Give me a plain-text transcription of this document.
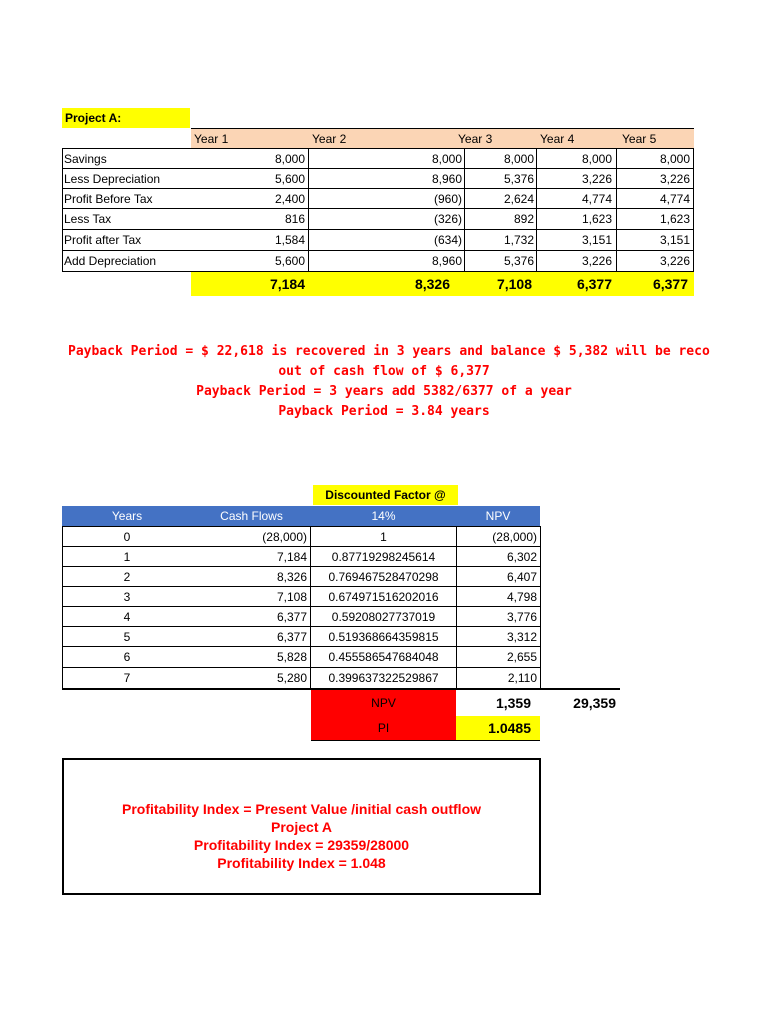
Project A:
Year 1	Year 2	Year 3	Year 4	Year 5
Savings	8,000	8,000	8,000	8,000	8,000
Less Depreciation	5,600	8,960	5,376	3,226	3,226
Profit Before Tax	2,400	(960)	2,624	4,774	4,774
Less Tax	816	(326)	892	1,623	1,623
Profit after Tax	1,584	(634)	1,732	3,151	3,151
Add Depreciation	5,600	8,960	5,376	3,226	3,226
7,184	8,326	7,108	6,377	6,377
Payback Period = $ 22,618 is recovered in 3 years and balance $ 5,382 will be reco
out of cash flow of $ 6,377
Payback Period = 3 years add 5382/6377 of a year
Payback Period = 3.84 years
Discounted Factor @
Years	Cash Flows	14%	NPV
0	(28,000)	1	(28,000)
1	7,184	0.87719298245614	6,302
2	8,326	0.769467528470298	6,407
3	7,108	0.674971516202016	4,798
4	6,377	0.59208027737019	3,776
5	6,377	0.519368664359815	3,312
6	5,828	0.455586547684048	2,655
7	5,280	0.399637322529867	2,110
NPV	1,359	29,359
PI	1.0485
Profitability Index = Present Value /initial cash outflow
Project A
Profitability Index = 29359/28000
Profitability Index = 1.048
